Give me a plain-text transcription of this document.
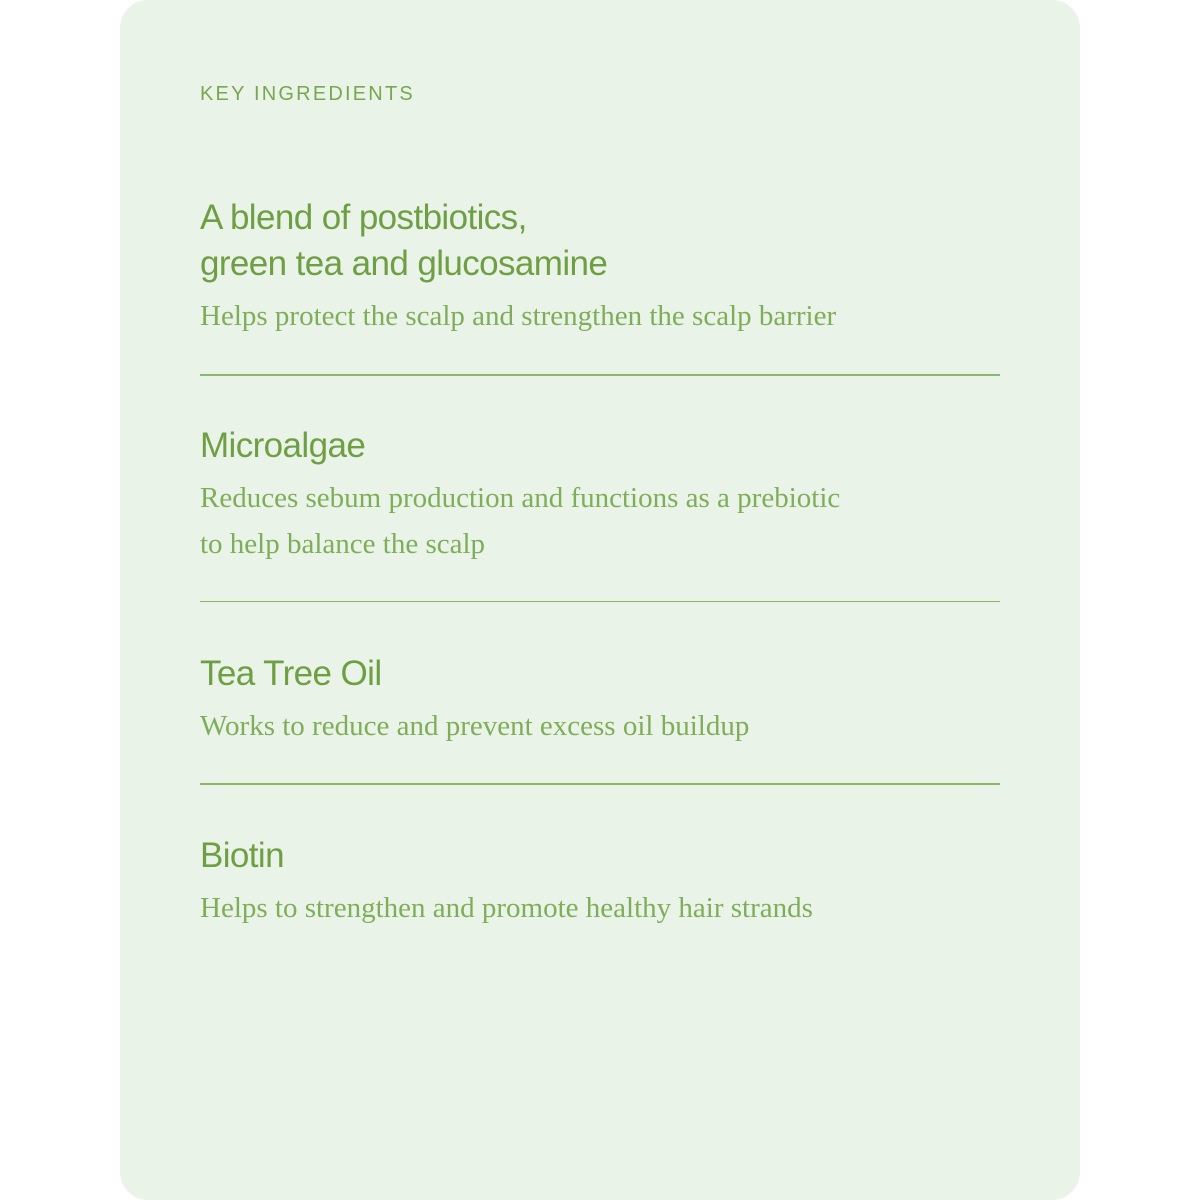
KEY INGREDIENTS

A blend of postbiotics,
green tea and glucosamine

Helps protect the scalp and strengthen the scalp barrier

Microalgae

Reduces sebum production and functions as a prebiotic
to help balance the scalp

Tea Tree Oil

Works to reduce and prevent excess oil buildup

Biotin

Helps to strengthen and promote healthy hair strands
